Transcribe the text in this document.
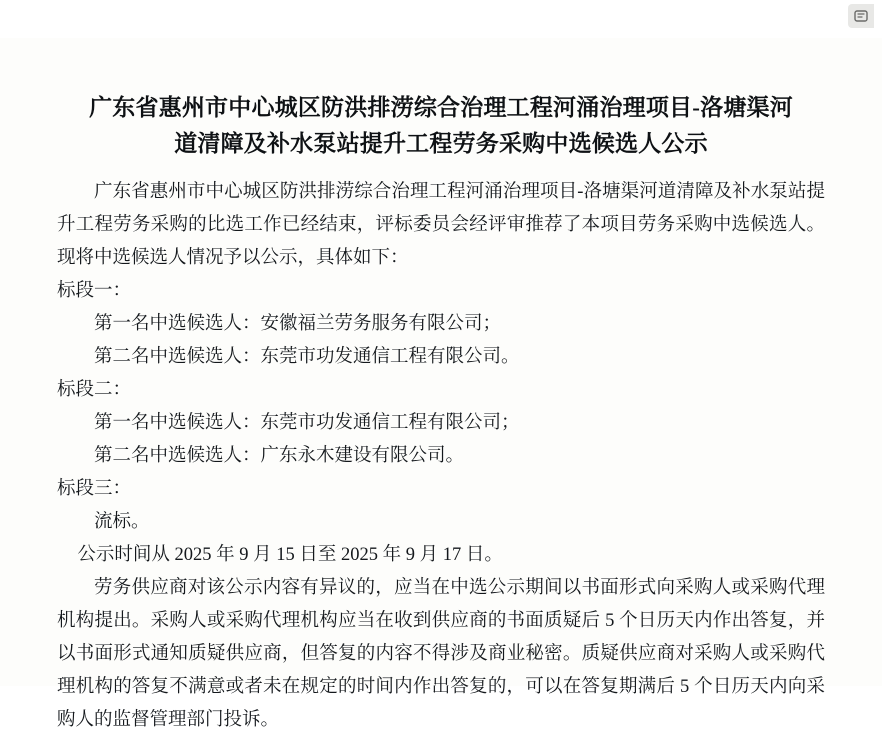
广东省惠州市中心城区防洪排涝综合治理工程河涌治理项目-洛塘渠河
道清障及补水泵站提升工程劳务采购中选候选人公示

广东省惠州市中心城区防洪排涝综合治理工程河涌治理项目-洛塘渠河道清障及补水泵站提升工程劳务采购的比选工作已经结束，评标委员会经评审推荐了本项目劳务采购中选候选人。现将中选候选人情况予以公示，具体如下：

标段一：

第一名中选候选人：安徽福兰劳务服务有限公司；

第二名中选候选人：东莞市功发通信工程有限公司。

标段二：

第一名中选候选人：东莞市功发通信工程有限公司；

第二名中选候选人：广东永木建设有限公司。

标段三：

流标。

公示时间从 2025 年 9 月 15 日至 2025 年 9 月 17 日。

劳务供应商对该公示内容有异议的，应当在中选公示期间以书面形式向采购人或采购代理机构提出。采购人或采购代理机构应当在收到供应商的书面质疑后 5 个日历天内作出答复，并以书面形式通知质疑供应商，但答复的内容不得涉及商业秘密。质疑供应商对采购人或采购代理机构的答复不满意或者未在规定的时间内作出答复的，可以在答复期满后 5 个日历天内向采购人的监督管理部门投诉。
